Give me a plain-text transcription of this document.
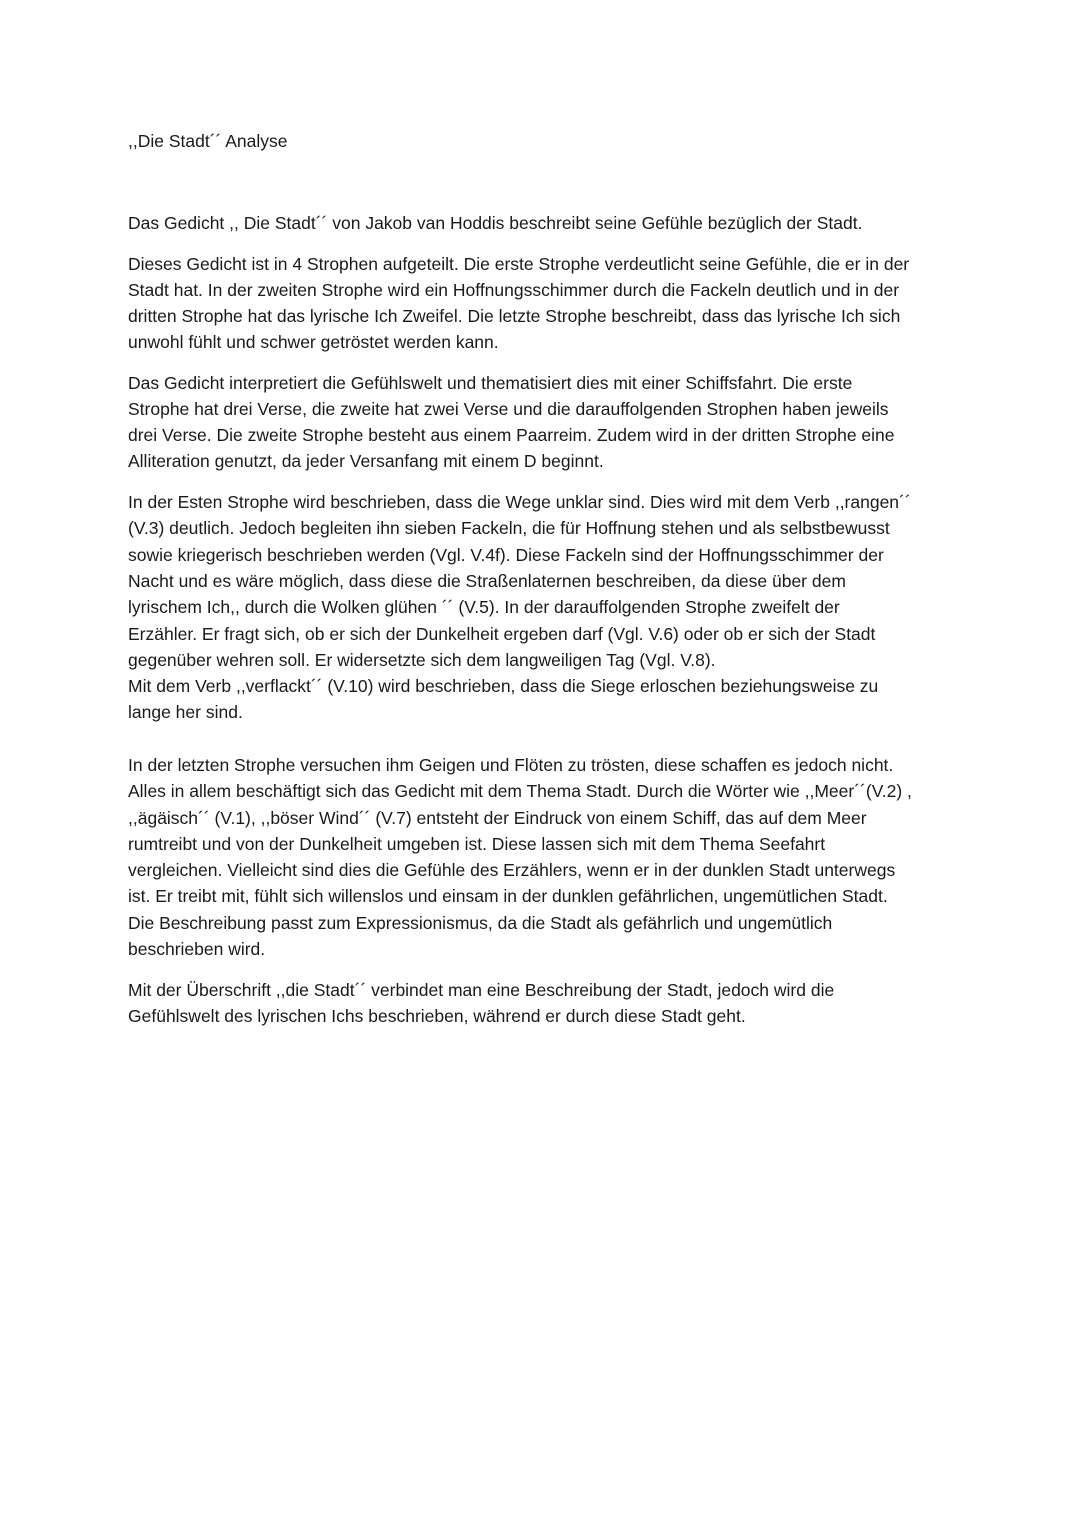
,,Die Stadt´´ Analyse
Das Gedicht ,, Die Stadt´´ von Jakob van Hoddis beschreibt seine Gefühle bezüglich der Stadt.
Dieses Gedicht ist in 4 Strophen aufgeteilt. Die erste Strophe verdeutlicht seine Gefühle, die er in der
Stadt hat. In der zweiten Strophe wird ein Hoffnungsschimmer durch die Fackeln deutlich und in der
dritten Strophe hat das lyrische Ich Zweifel. Die letzte Strophe beschreibt, dass das lyrische Ich sich
unwohl fühlt und schwer getröstet werden kann.
Das Gedicht interpretiert die Gefühlswelt und thematisiert dies mit einer Schiffsfahrt. Die erste
Strophe hat drei Verse, die zweite hat zwei Verse und die darauffolgenden Strophen haben jeweils
drei Verse. Die zweite Strophe besteht aus einem Paarreim. Zudem wird in der dritten Strophe eine
Alliteration genutzt, da jeder Versanfang mit einem D beginnt.
In der Esten Strophe wird beschrieben, dass die Wege unklar sind. Dies wird mit dem Verb ,,rangen´´
(V.3) deutlich. Jedoch begleiten ihn sieben Fackeln, die für Hoffnung stehen und als selbstbewusst
sowie kriegerisch beschrieben werden (Vgl. V.4f). Diese Fackeln sind der Hoffnungsschimmer der
Nacht und es wäre möglich, dass diese die Straßenlaternen beschreiben, da diese über dem
lyrischem Ich,, durch die Wolken glühen ´´ (V.5). In der darauffolgenden Strophe zweifelt der
Erzähler. Er fragt sich, ob er sich der Dunkelheit ergeben darf (Vgl. V.6) oder ob er sich der Stadt
gegenüber wehren soll. Er widersetzte sich dem langweiligen Tag (Vgl. V.8).
Mit dem Verb ,,verflackt´´ (V.10) wird beschrieben, dass die Siege erloschen beziehungsweise zu
lange her sind.
In der letzten Strophe versuchen ihm Geigen und Flöten zu trösten, diese schaffen es jedoch nicht.
Alles in allem beschäftigt sich das Gedicht mit dem Thema Stadt. Durch die Wörter wie ,,Meer´´(V.2) ,
,,ägäisch´´ (V.1), ,,böser Wind´´ (V.7) entsteht der Eindruck von einem Schiff, das auf dem Meer
rumtreibt und von der Dunkelheit umgeben ist. Diese lassen sich mit dem Thema Seefahrt
vergleichen. Vielleicht sind dies die Gefühle des Erzählers, wenn er in der dunklen Stadt unterwegs
ist. Er treibt mit, fühlt sich willenslos und einsam in der dunklen gefährlichen, ungemütlichen Stadt.
Die Beschreibung passt zum Expressionismus, da die Stadt als gefährlich und ungemütlich
beschrieben wird.
Mit der Überschrift ,,die Stadt´´ verbindet man eine Beschreibung der Stadt, jedoch wird die
Gefühlswelt des lyrischen Ichs beschrieben, während er durch diese Stadt geht.
